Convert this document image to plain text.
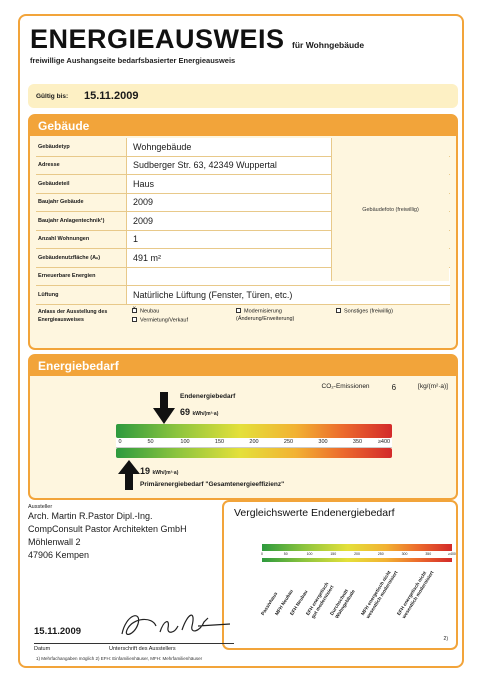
ENERGIEAUSWEIS für Wohngebäude
freiwillige Aushangseite bedarfsbasierter Energieausweis
Gültig bis:	15.11.2009
Gebäude
Gebäudetyp	Wohngebäude
Adresse	Sudberger Str. 63, 42349 Wuppertal
Gebäudeteil	Haus
Baujahr Gebäude	2009
Baujahr Anlagentechnik¹)	2009
Anzahl Wohnungen	1
Gebäudenutzfläche (Aₙ)	491 m²
Erneuerbare Energien
Lüftung	Natürliche Lüftung (Fenster, Türen, etc.)
Anlass der Ausstellung des Energieausweises
×Neubau	Modernisierung (Änderung/Erweiterung)
Sonstiges (freiwillig)
Vermietung/Verkauf
Gebäudefoto (freiwillig)
Energiebedarf
CO₂-Emissionen	6	[kg/(m²·a)]
Endenergiebedarf
69 kWh/(m²·a)
0	50	100	150	200	250	300	350	≥400
19 kWh/(m²·a)
Primärenergiebedarf "Gesamtenergieeffizienz"
Aussteller
Arch. Martin R.Pastor Dipl.-Ing.
CompConsult Pastor Architekten GmbH
Möhlenwall 2
47906 Kempen
Vergleichswerte Endenergiebedarf
0	50	100	150	200	250	300	350	≥400
Passivhaus
MFH Neubau
EFH Neubau
EFH energetisch
gut modernisiert
Durchschnitt
Wohngebäude MFH energetisch nicht
wesentlich modernisiert
EFH energetisch nicht
wesentlich modernisiert
2)
15.11.2009
Datum	Unterschrift des Ausstellers
1) Mehrfachangaben möglich 2) EFH: Einfamilienhäuser, MFH: Mehrfamilienhäuser
